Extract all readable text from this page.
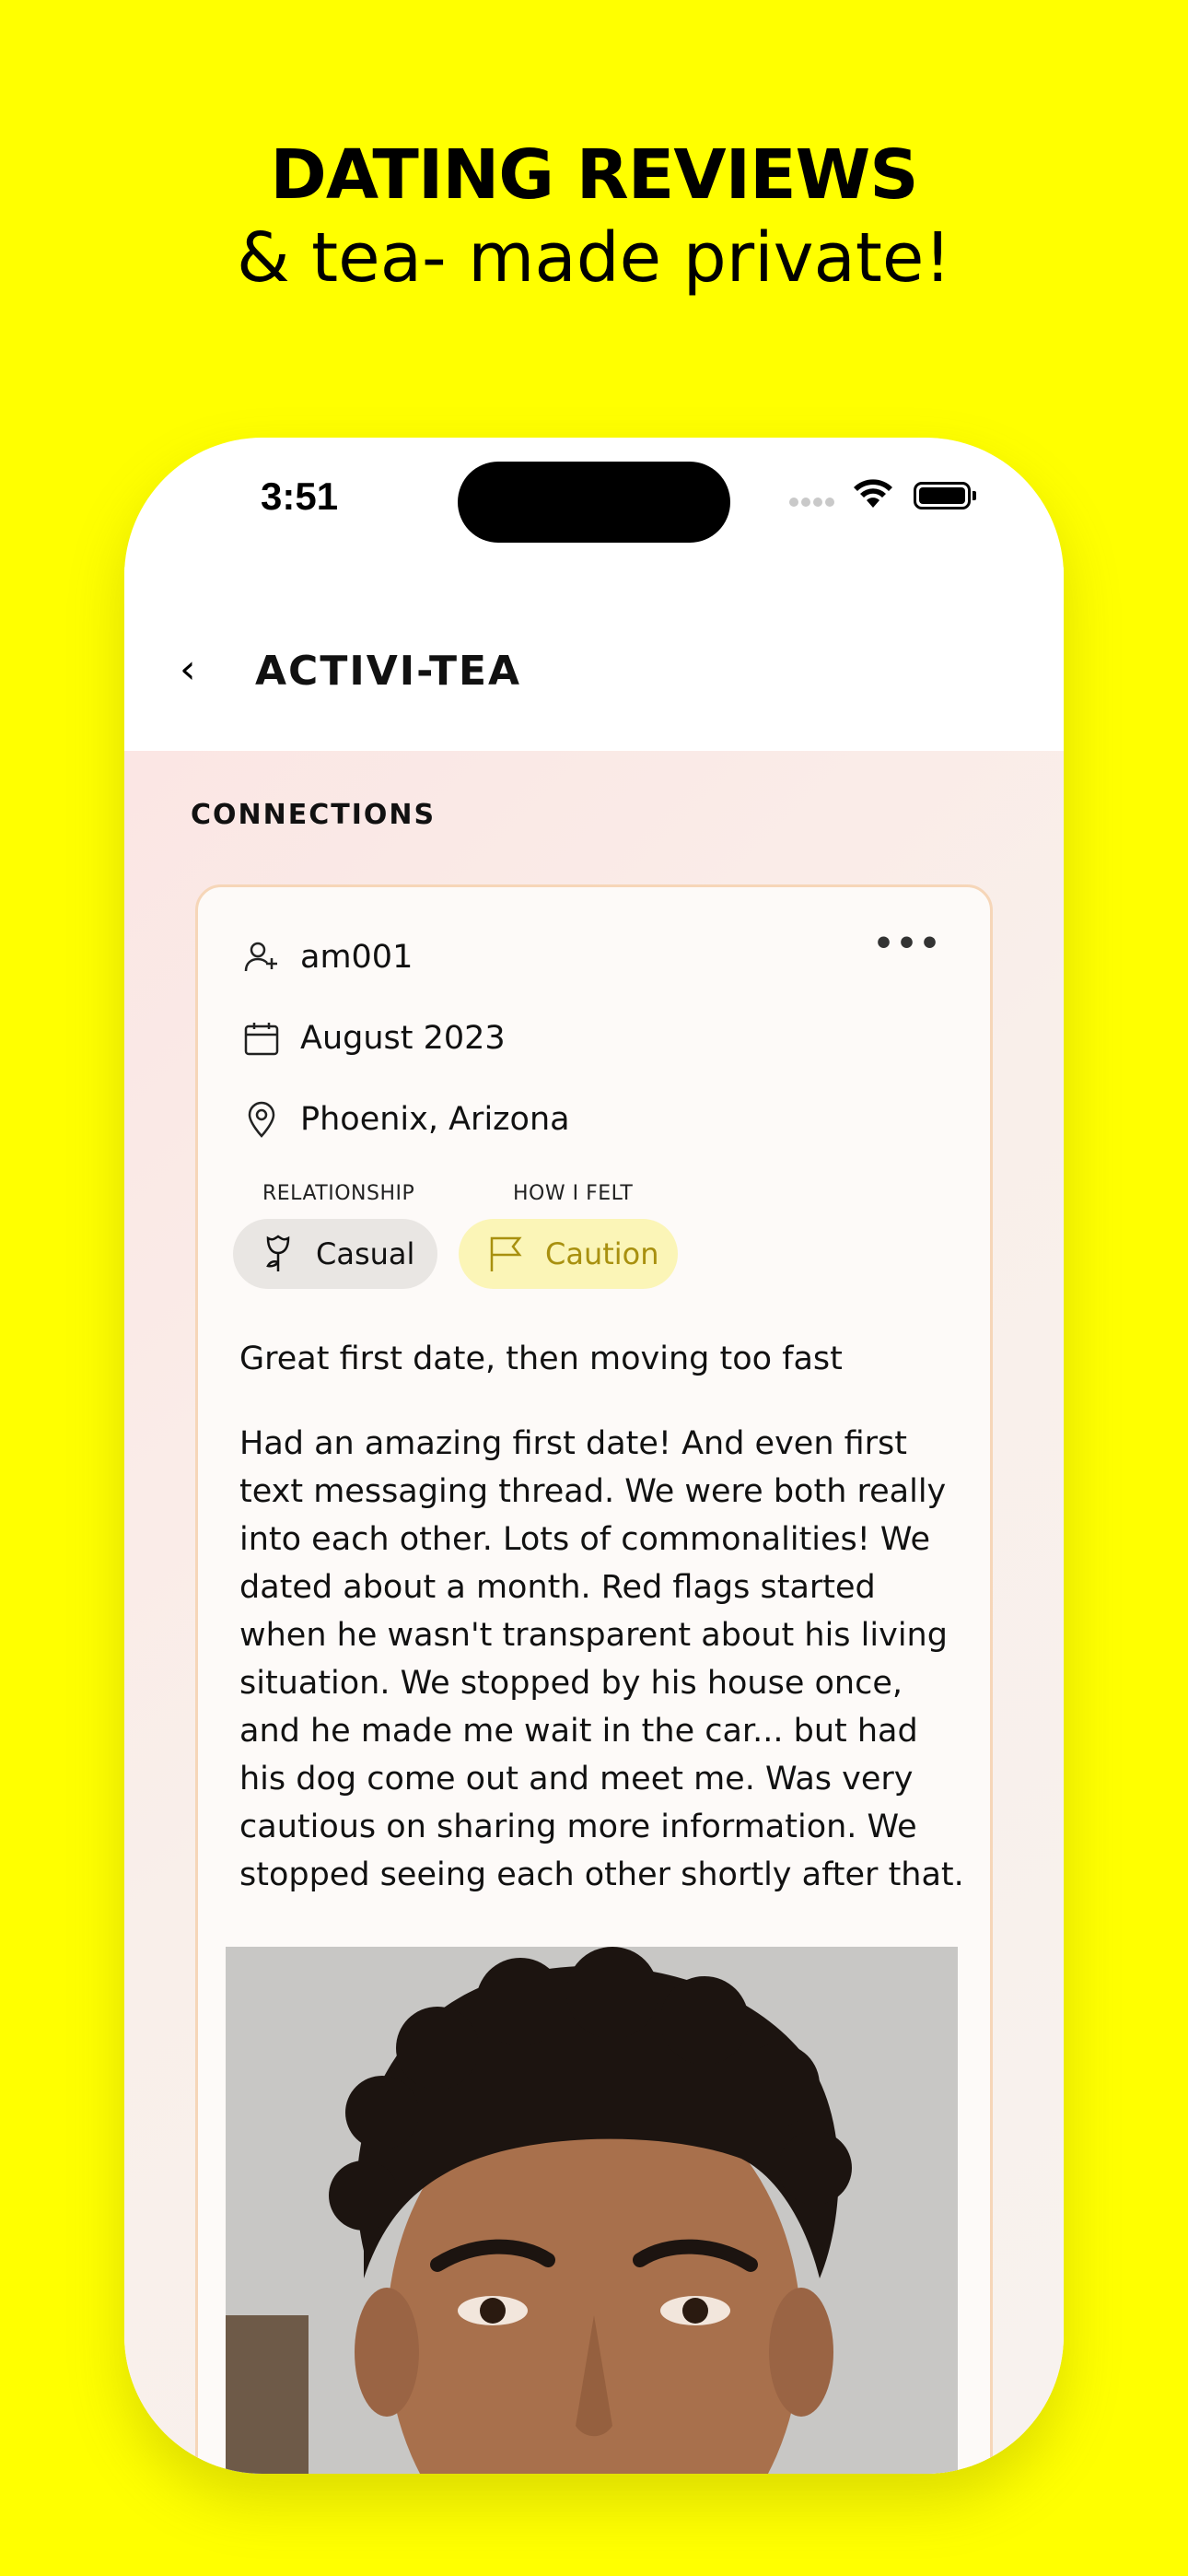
DATING REVIEWS
& tea- made private!
3:51
‹	ACTIVI-TEA
CONNECTIONS
•••
am001
August 2023
Phoenix, Arizona
RELATIONSHIP	HOW I FELT
Casual	Caution
Great first date, then moving too fast
Had an amazing first date! And even first text messaging thread. We were both really into each other. Lots of commonalities! We dated about a month. Red flags started when he wasn't transparent about his living situation. We stopped by his house once, and he made me wait in the car... but had his dog come out and meet me. Was very cautious on sharing more information. We stopped seeing each other shortly after that.
